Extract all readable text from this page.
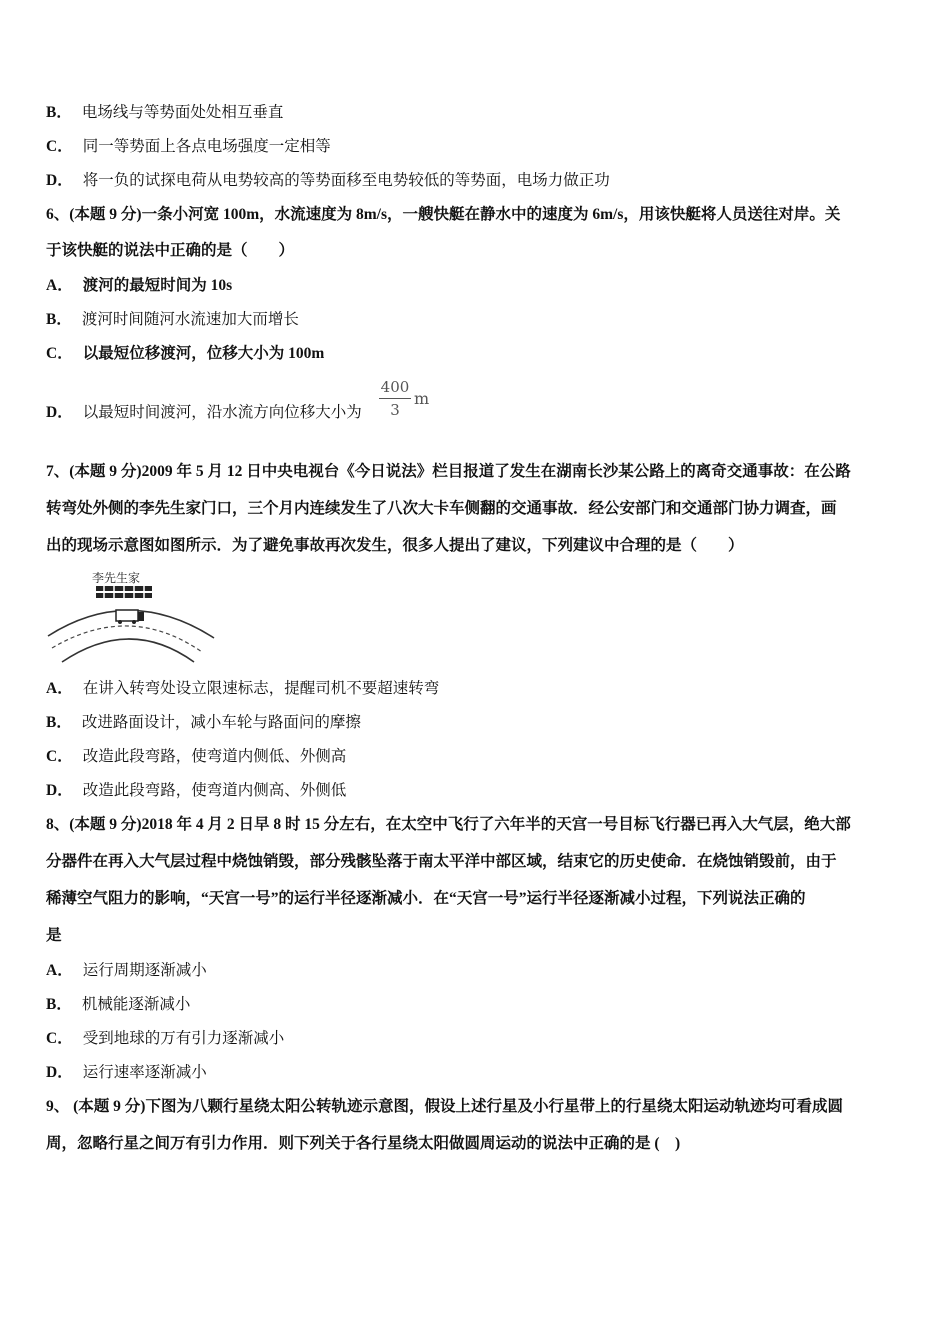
B． 电场线与等势面处处相互垂直
C． 同一等势面上各点电场强度一定相等
D． 将一负的试探电荷从电势较高的等势面移至电势较低的等势面，电场力做正功
6、(本题 9 分)一条小河宽 100m，水流速度为 8m/s，一艘快艇在静水中的速度为 6m/s，用该快艇将人员送往对岸。关
于该快艇的说法中正确的是（　　）
A． 渡河的最短时间为 10s
B． 渡河时间随河水流速加大而增长
C． 以最短位移渡河，位移大小为 100m
D． 以最短时间渡河，沿水流方向位移大小为
400
3
m
7、(本题 9 分)2009 年 5 月 12 日中央电视台《今日说法》栏目报道了发生在湖南长沙某公路上的离奇交通事故：在公路
转弯处外侧的李先生家门口，三个月内连续发生了八次大卡车侧翻的交通事故．经公安部门和交通部门协力调查，画
出的现场示意图如图所示．为了避免事故再次发生，很多人提出了建议，下列建议中合理的是（　　）
李先生家
A． 在讲入转弯处设立限速标志，提醒司机不要超速转弯
B． 改进路面设计，减小车轮与路面问的摩擦
C． 改造此段弯路，使弯道内侧低、外侧高
D． 改造此段弯路，使弯道内侧高、外侧低
8、(本题 9 分)2018 年 4 月 2 日早 8 时 15 分左右，在太空中飞行了六年半的天宫一号目标飞行器已再入大气层，绝大部
分器件在再入大气层过程中烧蚀销毁，部分残骸坠落于南太平洋中部区域，结束它的历史使命．在烧蚀销毁前，由于
稀薄空气阻力的影响，“天宫一号”的运行半径逐渐减小．在“天宫一号”运行半径逐渐减小过程，下列说法正确的
是
A． 运行周期逐渐减小
B． 机械能逐渐减小
C． 受到地球的万有引力逐渐减小
D． 运行速率逐渐减小
9、 (本题 9 分)下图为八颗行星绕太阳公转轨迹示意图，假设上述行星及小行星带上的行星绕太阳运动轨迹均可看成圆
周，忽略行星之间万有引力作用．则下列关于各行星绕太阳做圆周运动的说法中正确的是 (　)
